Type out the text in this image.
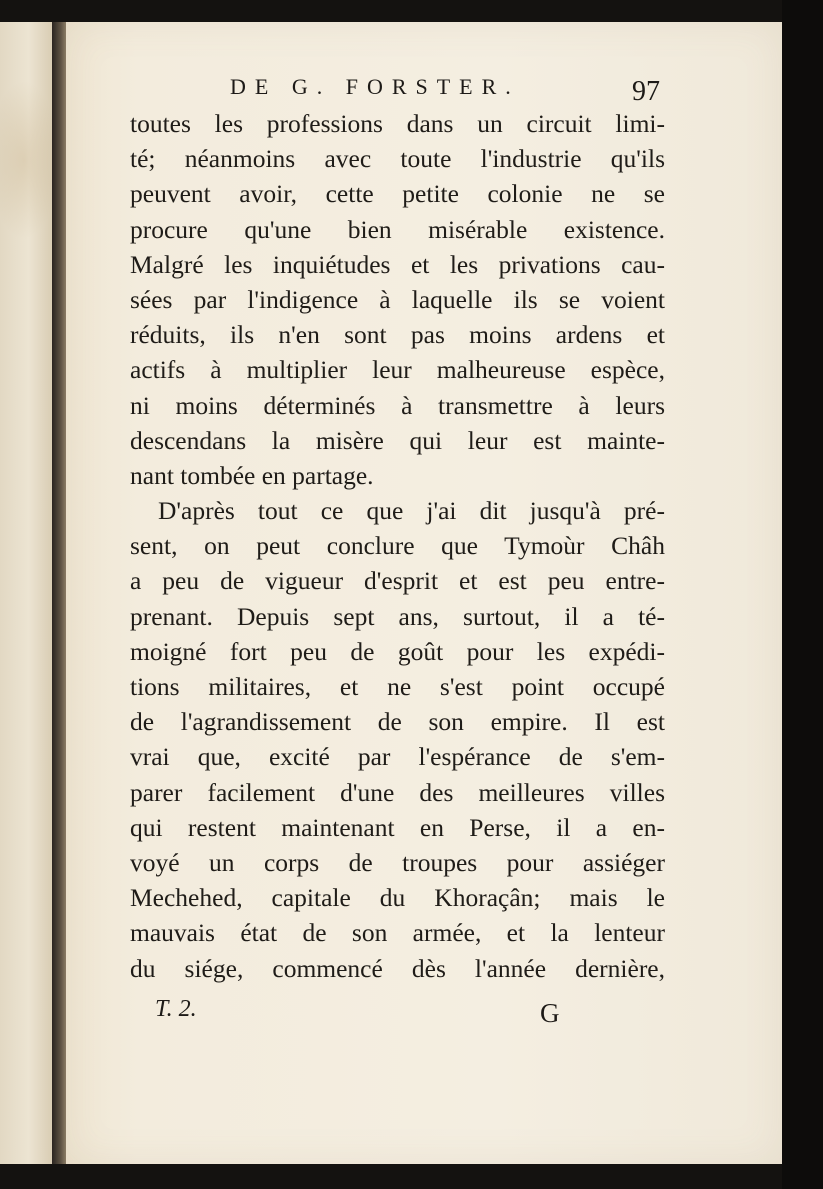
DE G. FORSTER.	97
toutes les professions dans un circuit limi-
té; néanmoins avec toute l'industrie qu'ils
peuvent avoir, cette petite colonie ne se
procure qu'une bien misérable existence.
Malgré les inquiétudes et les privations cau-
sées par l'indigence à laquelle ils se voient
réduits, ils n'en sont pas moins ardens et
actifs à multiplier leur malheureuse espèce,
ni moins déterminés à transmettre à leurs
descendans la misère qui leur est mainte-
nant tombée en partage.
D'après tout ce que j'ai dit jusqu'à pré-
sent, on peut conclure que Tymoùr Châh
a peu de vigueur d'esprit et est peu entre-
prenant. Depuis sept ans, surtout, il a té-
moigné fort peu de goût pour les expédi-
tions militaires, et ne s'est point occupé
de l'agrandissement de son empire. Il est
vrai que, excité par l'espérance de s'em-
parer facilement d'une des meilleures villes
qui restent maintenant en Perse, il a en-
voyé un corps de troupes pour assiéger
Mechehed, capitale du Khoraçân; mais le
mauvais état de son armée, et la lenteur
du siége, commencé dès l'année dernière,
T. 2.	G
